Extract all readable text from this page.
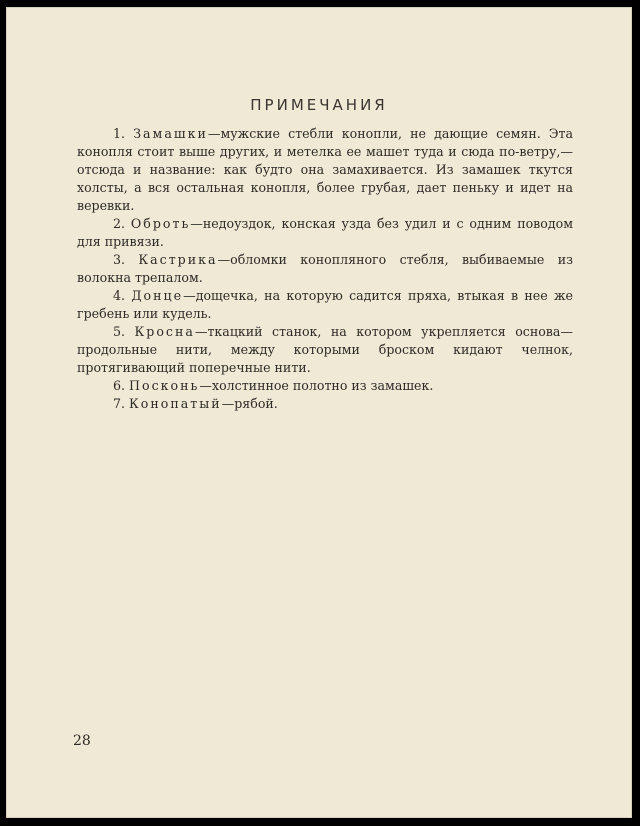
ПРИМЕЧАНИЯ

1. Замашки—мужские стебли конопли, не дающие семян. Эта конопля стоит выше других, и метелка ее машет туда и сюда по-ветру,— отсюда и название: как будто она замахивается. Из замашек ткутся холсты, а вся остальная конопля, более грубая, дает пеньку и идет на веревки.

2. Оброть—недоуздок, конская узда без удил и с одним поводом для привязи.

3. Кастрика—обломки конопляного стебля, выбиваемые из волокна трепалом.

4. Донце—дощечка, на которую садится пряха, втыкая в нее же гребень или кудель.

5. Кросна—ткацкий станок, на котором укрепляется основа— продольные нити, между которыми броском кидают челнок, протягивающий поперечные нити.

6. Посконь—холстинное полотно из замашек.

7. Конопатый—рябой.

28
